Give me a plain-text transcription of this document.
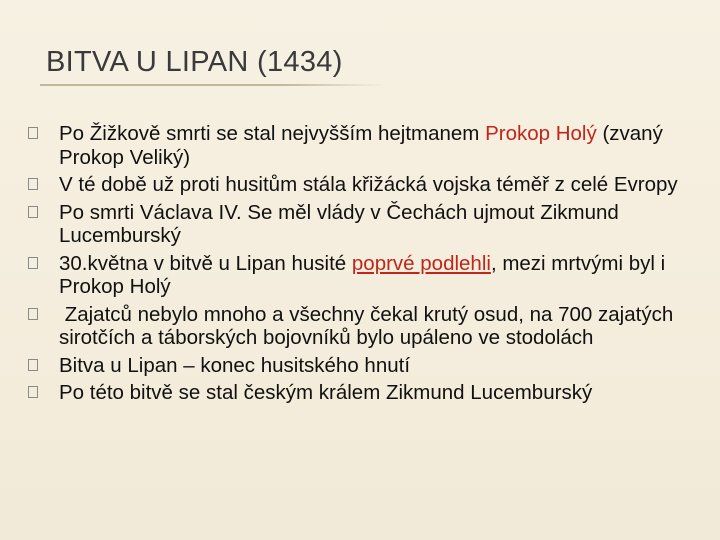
BITVA U LIPAN (1434)
Po Žižkově smrti se stal nejvyšším hejtmanem Prokop Holý (zvaný Prokop Veliký)
V té době už proti husitům stála křižácká vojska téměř z celé Evropy
Po smrti Václava IV. Se měl vlády v Čechách ujmout Zikmund Lucemburský
30.května v bitvě u Lipan husité poprvé podlehli, mezi mrtvými byl i Prokop Holý
Zajatců nebylo mnoho a všechny čekal krutý osud, na 700 zajatých sirotčích a táborských bojovníků bylo upáleno ve stodolách
Bitva u Lipan – konec husitského hnutí
Po této bitvě se stal českým králem Zikmund Lucemburský
